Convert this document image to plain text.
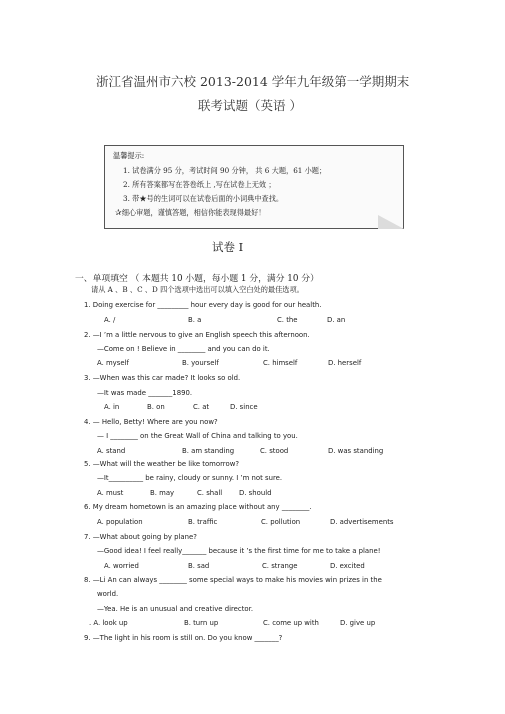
浙江省温州市六校 2013-2014 学年九年级第一学期期末
联考试题（英语 ）
温馨提示:
1. 试卷满分 95 分，考试时间 90 分钟， 共 6 大题，61 小题；
2. 所有答案都写在答卷纸上 ,写在试卷上无效 ；
3. 带★号的生词可以在试卷后面的小词典中查找。
✰细心审题，谨慎答题，相信你能表现得最好！
试卷 Ⅰ
一、单项填空 （ 本题共 10 小题，每小题 1 分，满分 10 分）
请从 A 、B 、C 、D 四个选项中选出可以填入空白处的最佳选项。
1. Doing exercise for _________ hour every day is good for our health.
A. /	B. a	C. the	D. an
2. —I ’m a little nervous to give an English speech this afternoon.
—Come on ! Believe in ________ and you can do it.
A. myself	B. yourself	C. himself	D. herself
3. —When was this car made? It looks so old.
—It was made _______1890.
A. in	B. on	C. at	D. since
4. — Hello, Betty! Where are you now?
— I ________ on the Great Wall of China and talking to you.
A. stand	B. am standing	C. stood	D. was standing
5. —What will the weather be like tomorrow?
—It__________ be rainy, cloudy or sunny. I ’m not sure.
A. must	B. may	C. shall D. should
6. My dream hometown is an amazing place without any ________.
A. population	B. traffic	C. pollution	D. advertisements
7. —What about going by plane?
—Good idea! I feel really_______ because it ’s the first time for me to take a plane!
A. worried	B. sad	C. strange	D. excited
8. —Li An can always ________ some special ways to make his movies win prizes in the
world.
—Yea. He is an unusual and creative director.
. A. look up	B. turn up	C. come up with	D. give up
9. —The light in his room is still on. Do you know _______?
